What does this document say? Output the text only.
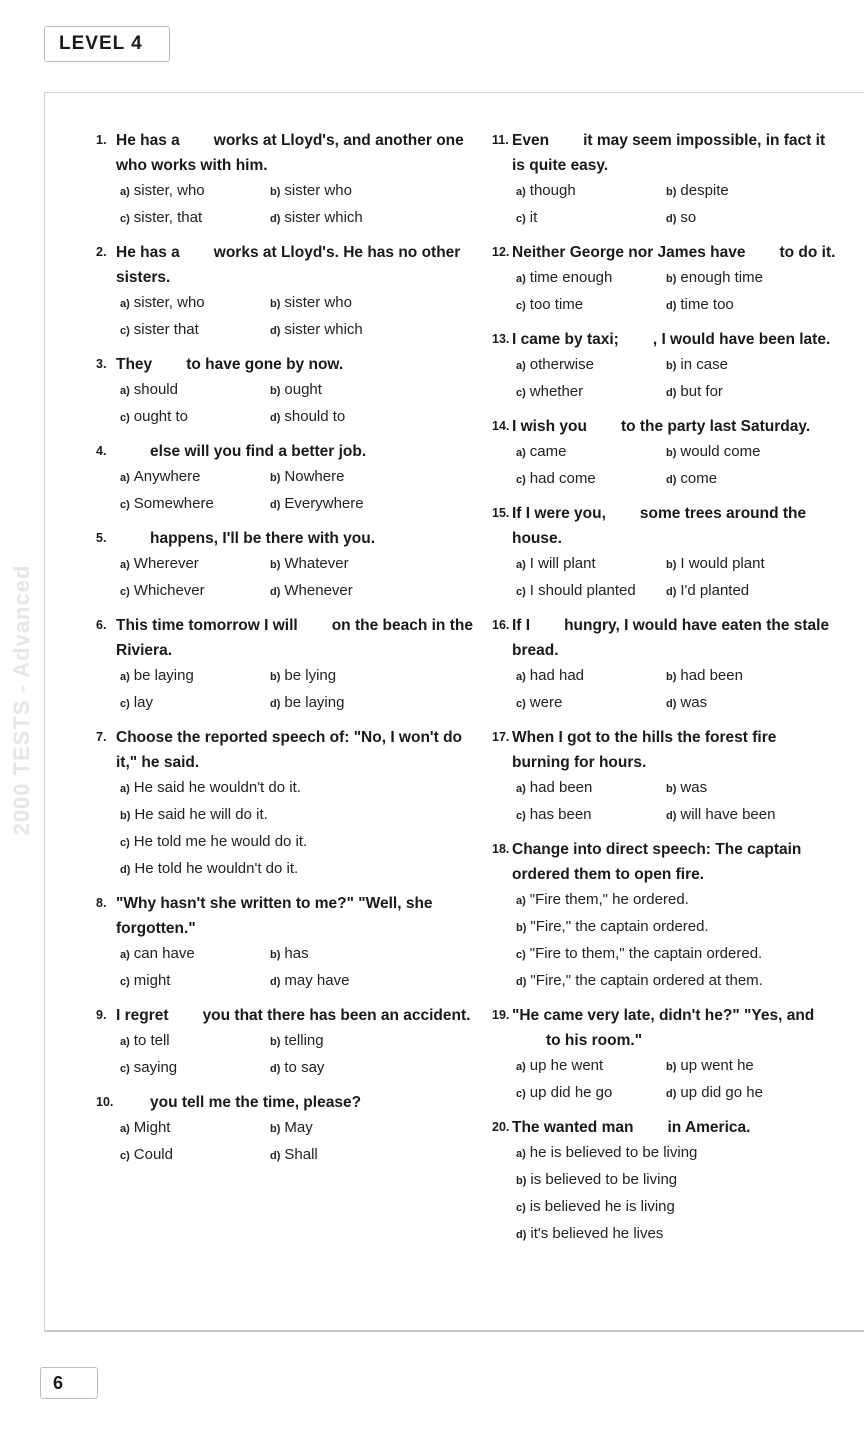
LEVEL 4
2000 TESTS - Advanced
1. He has a works at Lloyd's, and another one who works with him.
a) sister, who	b) sister who
c) sister, that	d) sister which
2. He has a works at Lloyd's. He has no other sisters.
a) sister, who	b) sister who
c) sister that	d) sister which
3. They to have gone by now.
a) should	b) ought
c) ought to	d) should to
4.	else will you find a better job.
a) Anywhere	b) Nowhere
c) Somewhere	d) Everywhere
5.	happens, I'll be there with you.
a) Wherever	b) Whatever
c) Whichever	d) Whenever
6. This time tomorrow I will on the beach in the Riviera.
a) be laying	b) be lying
c) lay	d) be laying
7. Choose the reported speech of: "No, I won't do it," he said.
a) He said he wouldn't do it.
b) He said he will do it.
c) He told me he would do it.
d) He told he wouldn't do it.
8. "Why hasn't she written to me?" "Well, sheforgotten."
a) can have	b) has
c) might	d) may have
9. I regret you that there has been an accident.
a) to tell	b) telling
c) saying	d) to say
10. you tell me the time, please?
a) Might	b) May
c) Could	d) Shall
11. Even it may seem impossible, in fact it is quite easy.
a) though	b) despite
c) it	d) so
12. Neither George nor James have to do it.
a) time enough	b) enough time
c) too time	d) time too
13. I came by taxi; , I would have been late.
a) otherwise	b) in case
c) whether	d) but for
14. I wish you to the party last Saturday.
a) came	b) would come
c) had come	d) come
15. If I were you, some trees around the house.
a) I will plant	b) I would plant
c) I should planted	d) I'd planted
16. If I hungry, I would have eaten the stale bread.
a) had had	b) had been
c) were	d) was
17. When I got to the hills the forest fireburning for hours.
a) had been	b) was
c) has been	d) will have been
18. Change into direct speech: The captain ordered them to open fire.
a) "Fire them," he ordered.
b) "Fire," the captain ordered.
c) "Fire to them," the captain ordered.
d) "Fire," the captain ordered at them.
19. "He came very late, didn't he?" "Yes, andto his room."
a) up he went	b) up went he
c) up did he go	d) up did go he
20. The wanted man in America.
a) he is believed to be living
b) is believed to be living
c) is believed he is living
d) it's believed he lives
6
